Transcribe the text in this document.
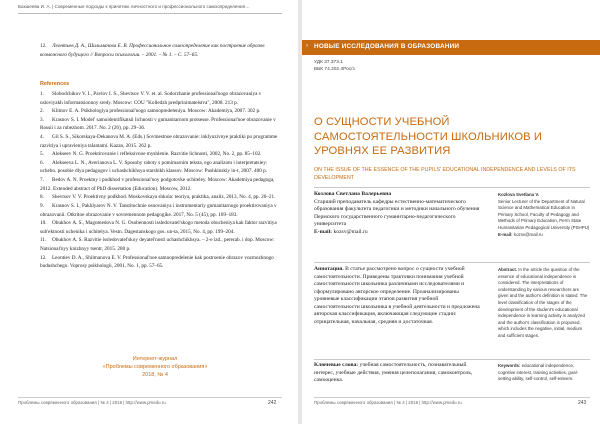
Бакшеева И. А. | Современные подходы к принятию личностного и профессионального самоопределения…
12. Леонтьев Д. А., Шильманова Е. В. Профессиональное самоопределение как построение образов возможного будущего // Вопросы психологии. – 2001. – № 1. – С. 57–65.
References

1. Slobodchikov V. I., Pavlov I. S., Shevtsov V. V. et. al. Sodorzhanie professional'nogo obrazovaniya v usloviyakh informatsionnoy sredy. Moscow: COU "Kolledzh predprinimatelstva", 2008. 213 p.

2. Klimov E. A. Psikhologiya professional'nogo samoopredeleniya. Moscow: Akademiya, 2007. 302 p.

3. Krasnov S. I. Model' samoidentifikatsii lichnosti v gumanitarnom protsesse. Professional'noe obrazovanie v Rossii i za rubezhom. 2017. No. 2 (26), pp. 29–36.

4. Gil S. S., Sikorskaya-Dekanova M. A. (Eds.) Sovmestnoe obrazovanie: inklyuzivnye praktiki po programme razvitiya i upravleniya talantami. Kazan, 2015. 262 p.

5. Alekseev N. G. Proektirovanie i refleksivnoe myshlenie. Razvitie lichnosti, 2002, No. 2, pp. 85–102.

6. Alekseeva L. N., Averianova L. V. Sposoby raboty s pomimarnim teksta, ego analizom i interpretatsiey: uchebn. posobie dlya pedagogov i uchashchikhsya starshikh klassov. Moscow: Pushkinskiy in-t, 2007. 400 p.

7. Bedov A. N. Proektny i podkhod v professional'noy podgotovke uchiteley. Moscow: Akademiya pedagoga, 2012. Extended abstract of PhD dissertation (Education). Moscow, 2012.

8. Shevtsov V. V. Proektivny podkhod. Moskovskaya shkola: teoriya, praktika, analiz, 2013, No. 4, pp. 20–21.

9. Krasnov S. I., Pakhlyarov N. V. Tanstitochnie osnovaniya i instrumentariy gumanitarnogo proektirovaniya v obrazovanii. Otkritoe obrazovanie v sovremennom pedagogike. 2017, No. 5 (45), pp. 169–183.

10. Obukhov A. S., Magomedova N. G. Osobennosti issledovatel'skogo metoda obucheniya kak faktor razvitiya sub'ektnosti uchenika i uchitelya. Vestn. Dagestanskogo gos. un-ta, 2015, No. 4, pp. 199–204.

11. Obukhov A. S. Razvitie issledovatel'skoy deyatel'nosti uchashchikhsya. – 2-e izd., pererab. i dop. Moscow: Natsional'nyy knizhnyy tsentr, 2015. 280 p.

12. Leontiev D. A., Shilmanova E. V. Professional'noe samoopredelenie kak postroenie obrazov vozmozhnogo budushchego. Voprosy psikhologii, 2001, No. 1, pp. 57–65.

Интернет-журнал
«Проблемы современного образования»
2018, № 4
Проблемы современного образования | № 4 | 2018 | http://www.pmedu.ru	242
› НОВЫЕ ИССЛЕДОВАНИЯ В ОБРАЗОВАНИИ
УДК 37.373.1
ББК 74.202.4Рос/з
О СУЩНОСТИ УЧЕБНОЙ САМОСТОЯТЕЛЬНОСТИ ШКОЛЬНИКОВ И УРОВНЯХ ЕЕ РАЗВИТИЯ
ON THE ISSUE OF THE ESSENCE OF THE PUPILS' EDUCATIONAL INDEPENDENCE AND LEVELS OF ITS DEVELOPMENT
Козлова Светлана Валерьевна
Старший преподаватель кафедры естественно-математического образования факультета педагогики и методики начального обучения Пермского государственного гуманитарно-педагогического университета
E-mail: kozsv@mail.ru
Kozlova Svetlana V.
Senior Lecturer of the Department of Natural Science and Mathematical Education in Primary School, Faculty of Pedagogy and Methods of Primary Education, Perm State Humanitarian Pedagogical University (PSHPU)
E-mail: kozsv@mail.ru
Аннотация. В статье рассмотрено вопрос о сущности учебной самостоятельности. Приведены трактовки понимания учебной самостоятельности школьника различными исследователями и сформулировано авторское определение. Проанализированы уровневые классификации этапов развития учебной самостоятельности школьника в учебной деятельности и предложена авторская классификация, включающая следующие стадии: отрицательная, начальная, средняя и достаточная.
Abstract. In the article the question of the essence of educational independence is considered. The interpretations of understanding by various researchers are given and the author's definition is stated. The level classification of the stages of the development of the student's educational independence in learning activity is analyzed and the author's classification is proposed, which includes the negative, initial, medium and sufficient stages.
Ключевые слова: учебная самостоятельность, познавательный интерес, учебные действия, умения целеполагания, самоконтроль, самооценка.
Keywords: educational independence, cognitive interest, training activities, goal-setting ability, self-control, self-esteem.
Проблемы современного образования | № 4 | 2018 | http://www.pmedu.ru	243
